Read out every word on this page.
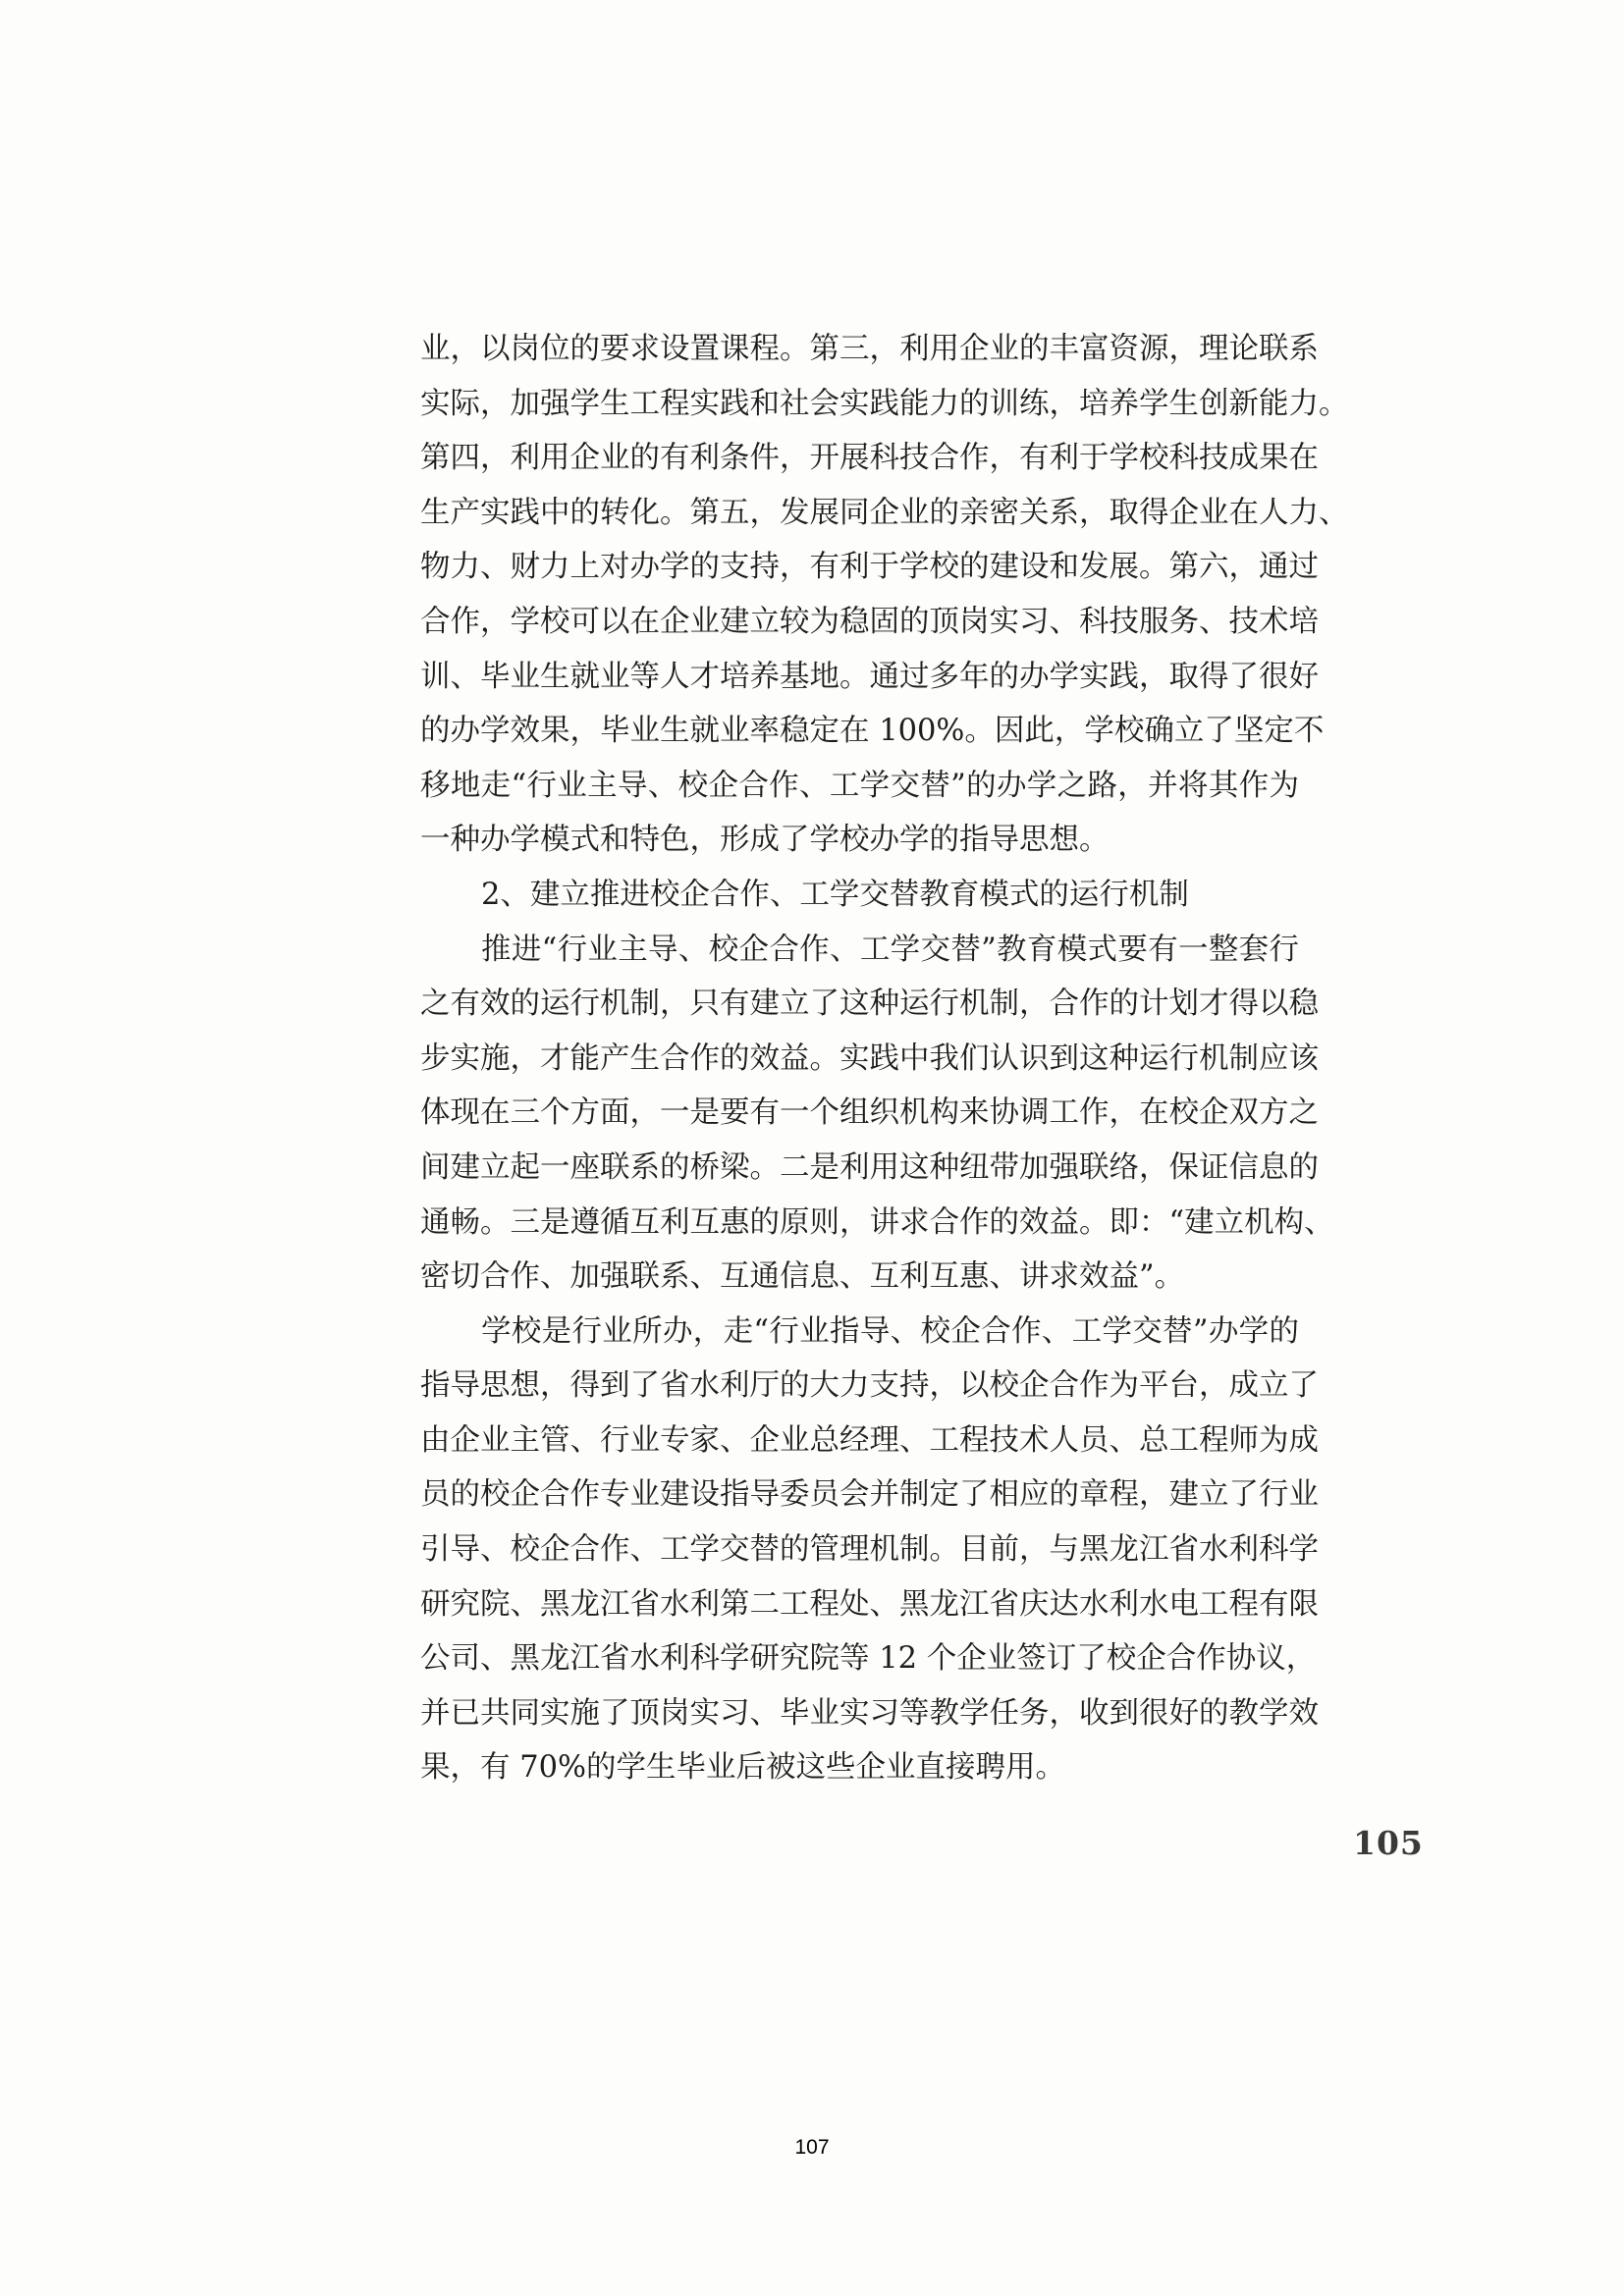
业，以岗位的要求设置课程。第三，利用企业的丰富资源，理论联系
实际，加强学生工程实践和社会实践能力的训练，培养学生创新能力。
第四，利用企业的有利条件，开展科技合作，有利于学校科技成果在
生产实践中的转化。第五，发展同企业的亲密关系，取得企业在人力、
物力、财力上对办学的支持，有利于学校的建设和发展。第六，通过
合作，学校可以在企业建立较为稳固的顶岗实习、科技服务、技术培
训、毕业生就业等人才培养基地。通过多年的办学实践，取得了很好
的办学效果，毕业生就业率稳定在 100%。因此，学校确立了坚定不
移地走“行业主导、校企合作、工学交替”的办学之路，并将其作为
一种办学模式和特色，形成了学校办学的指导思想。
2、建立推进校企合作、工学交替教育模式的运行机制
推进“行业主导、校企合作、工学交替”教育模式要有一整套行
之有效的运行机制，只有建立了这种运行机制，合作的计划才得以稳
步实施，才能产生合作的效益。实践中我们认识到这种运行机制应该
体现在三个方面，一是要有一个组织机构来协调工作，在校企双方之
间建立起一座联系的桥梁。二是利用这种纽带加强联络，保证信息的
通畅。三是遵循互利互惠的原则，讲求合作的效益。即：“建立机构、
密切合作、加强联系、互通信息、互利互惠、讲求效益”。
学校是行业所办，走“行业指导、校企合作、工学交替”办学的
指导思想，得到了省水利厅的大力支持，以校企合作为平台，成立了
由企业主管、行业专家、企业总经理、工程技术人员、总工程师为成
员的校企合作专业建设指导委员会并制定了相应的章程，建立了行业
引导、校企合作、工学交替的管理机制。目前，与黑龙江省水利科学
研究院、黑龙江省水利第二工程处、黑龙江省庆达水利水电工程有限
公司、黑龙江省水利科学研究院等 12 个企业签订了校企合作协议，
并已共同实施了顶岗实习、毕业实习等教学任务，收到很好的教学效
果，有 70%的学生毕业后被这些企业直接聘用。
105
107
